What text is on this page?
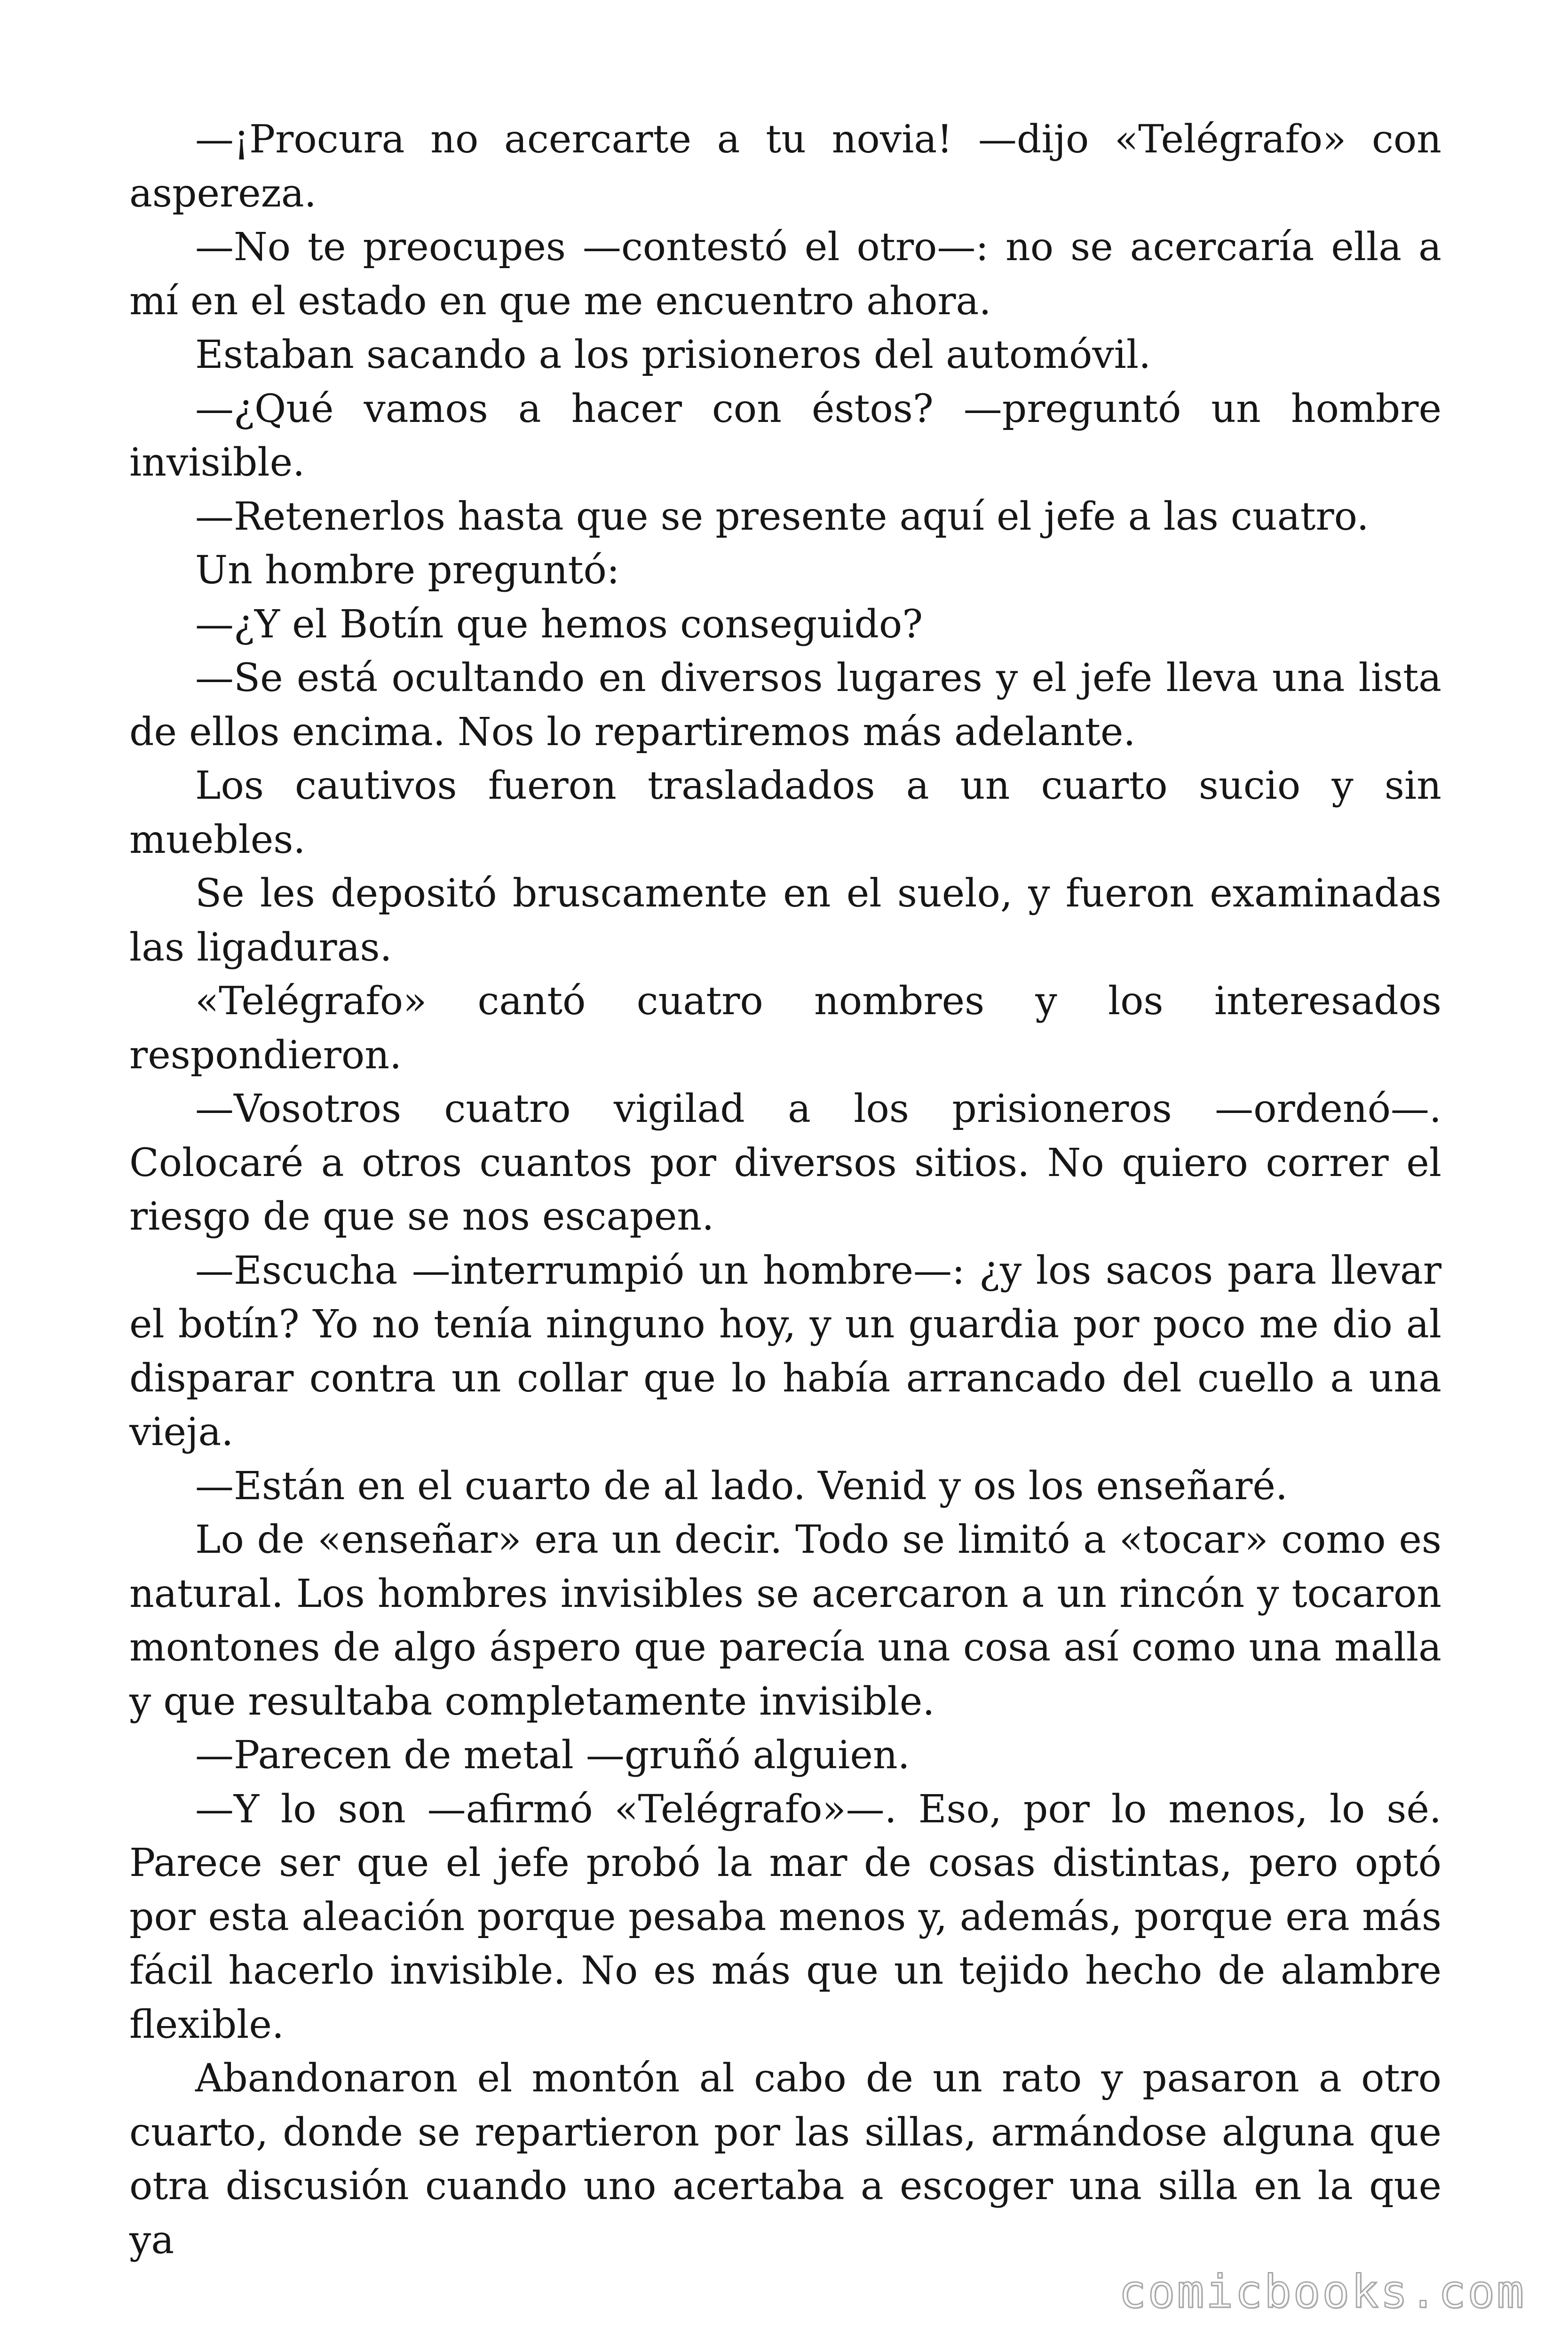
—¡Procura no acercarte a tu novia! —dijo «Telégrafo» con aspereza.

—No te preocupes —contestó el otro—: no se acercaría ella a mí en el estado en que me encuentro ahora.

Estaban sacando a los prisioneros del automóvil.

—¿Qué vamos a hacer con éstos? —preguntó un hombre invisible.

—Retenerlos hasta que se presente aquí el jefe a las cuatro.

Un hombre preguntó:

—¿Y el Botín que hemos conseguido?

—Se está ocultando en diversos lugares y el jefe lleva una lista de ellos encima. Nos lo repartiremos más adelante.

Los cautivos fueron trasladados a un cuarto sucio y sin muebles.

Se les depositó bruscamente en el suelo, y fueron examinadas las ligaduras.

«Telégrafo» cantó cuatro nombres y los interesados respondieron.

—Vosotros cuatro vigilad a los prisioneros —ordenó—. Colocaré a otros cuantos por diversos sitios. No quiero correr el riesgo de que se nos escapen.

—Escucha —interrumpió un hombre—: ¿y los sacos para llevar el botín? Yo no tenía ninguno hoy, y un guardia por poco me dio al disparar contra un collar que lo había arrancado del cuello a una vieja.

—Están en el cuarto de al lado. Venid y os los enseñaré.

Lo de «enseñar» era un decir. Todo se limitó a «tocar» como es natural. Los hombres invisibles se acercaron a un rincón y tocaron montones de algo áspero que parecía una cosa así como una malla y que resultaba completamente invisible.

—Parecen de metal —gruñó alguien.

—Y lo son —afirmó «Telégrafo»—. Eso, por lo menos, lo sé. Parece ser que el jefe probó la mar de cosas distintas, pero optó por esta aleación porque pesaba menos y, además, porque era más fácil hacerlo invisible. No es más que un tejido hecho de alambre flexible.

Abandonaron el montón al cabo de un rato y pasaron a otro cuarto, donde se repartieron por las sillas, armándose alguna que otra discusión cuando uno acertaba a escoger una silla en la que ya

comicbooks.com
